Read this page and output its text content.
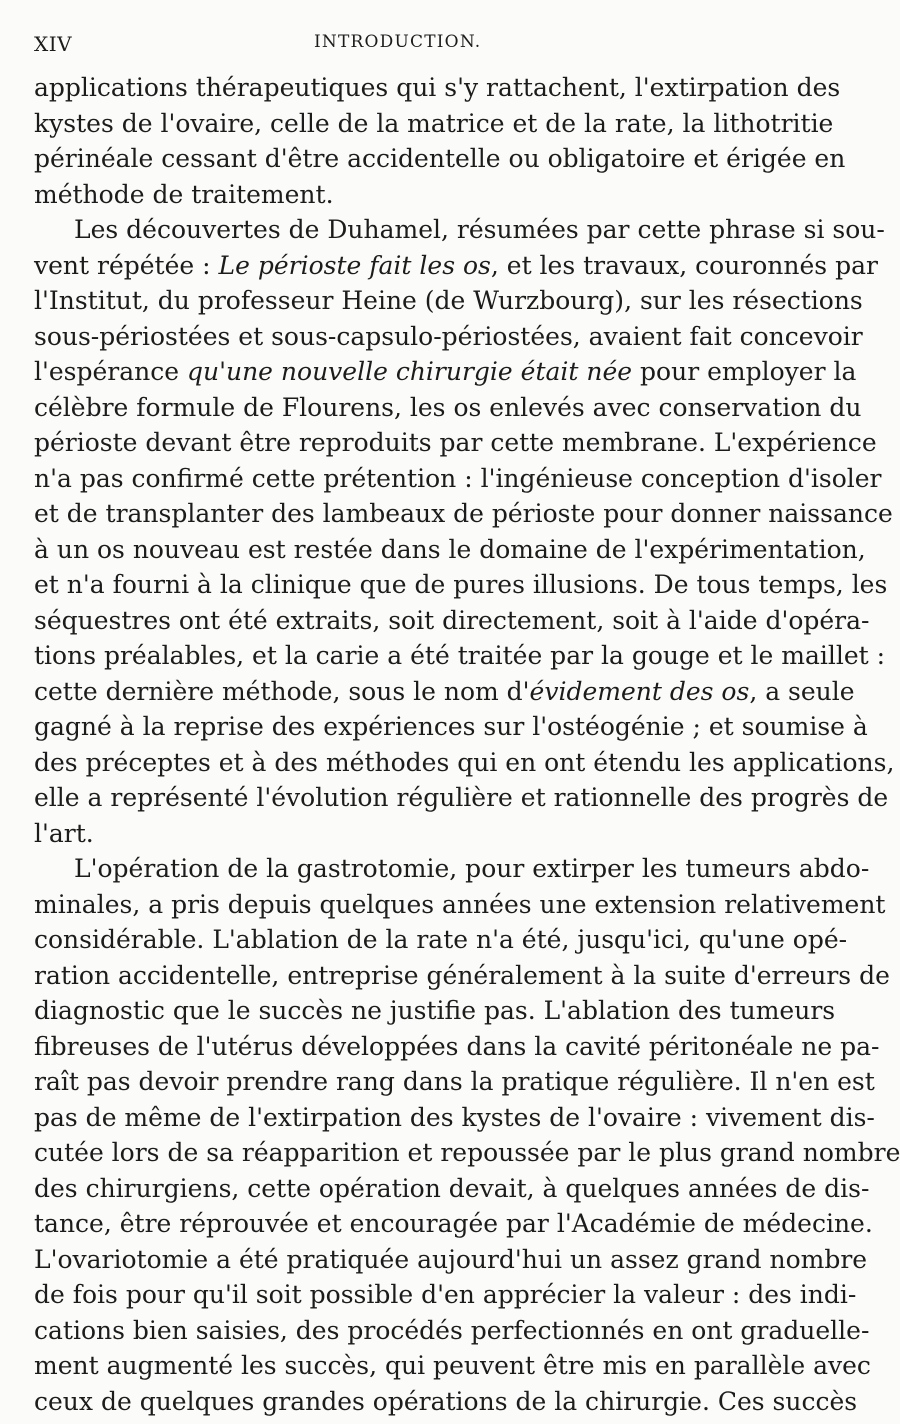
XIV	INTRODUCTION.
applications thérapeutiques qui s'y rattachent, l'extirpation des
kystes de l'ovaire, celle de la matrice et de la rate, la lithotritie
périnéale cessant d'être accidentelle ou obligatoire et érigée en
méthode de traitement.
Les découvertes de Duhamel, résumées par cette phrase si sou-
vent répétée : Le périoste fait les os, et les travaux, couronnés par
l'Institut, du professeur Heine (de Wurzbourg), sur les résections
sous-périostées et sous-capsulo-périostées, avaient fait concevoir
l'espérance qu'une nouvelle chirurgie était née pour employer la
célèbre formule de Flourens, les os enlevés avec conservation du
périoste devant être reproduits par cette membrane. L'expérience
n'a pas confirmé cette prétention : l'ingénieuse conception d'isoler
et de transplanter des lambeaux de périoste pour donner naissance
à un os nouveau est restée dans le domaine de l'expérimentation,
et n'a fourni à la clinique que de pures illusions. De tous temps, les
séquestres ont été extraits, soit directement, soit à l'aide d'opéra-
tions préalables, et la carie a été traitée par la gouge et le maillet :
cette dernière méthode, sous le nom d'évidement des os, a seule
gagné à la reprise des expériences sur l'ostéogénie ; et soumise à
des préceptes et à des méthodes qui en ont étendu les applications,
elle a représenté l'évolution régulière et rationnelle des progrès de
l'art.
L'opération de la gastrotomie, pour extirper les tumeurs abdo-
minales, a pris depuis quelques années une extension relativement
considérable. L'ablation de la rate n'a été, jusqu'ici, qu'une opé-
ration accidentelle, entreprise généralement à la suite d'erreurs de
diagnostic que le succès ne justifie pas. L'ablation des tumeurs
fibreuses de l'utérus développées dans la cavité péritonéale ne pa-
raît pas devoir prendre rang dans la pratique régulière. Il n'en est
pas de même de l'extirpation des kystes de l'ovaire : vivement dis-
cutée lors de sa réapparition et repoussée par le plus grand nombre
des chirurgiens, cette opération devait, à quelques années de dis-
tance, être réprouvée et encouragée par l'Académie de médecine.
L'ovariotomie a été pratiquée aujourd'hui un assez grand nombre
de fois pour qu'il soit possible d'en apprécier la valeur : des indi-
cations bien saisies, des procédés perfectionnés en ont graduelle-
ment augmenté les succès, qui peuvent être mis en parallèle avec
ceux de quelques grandes opérations de la chirurgie. Ces succès
